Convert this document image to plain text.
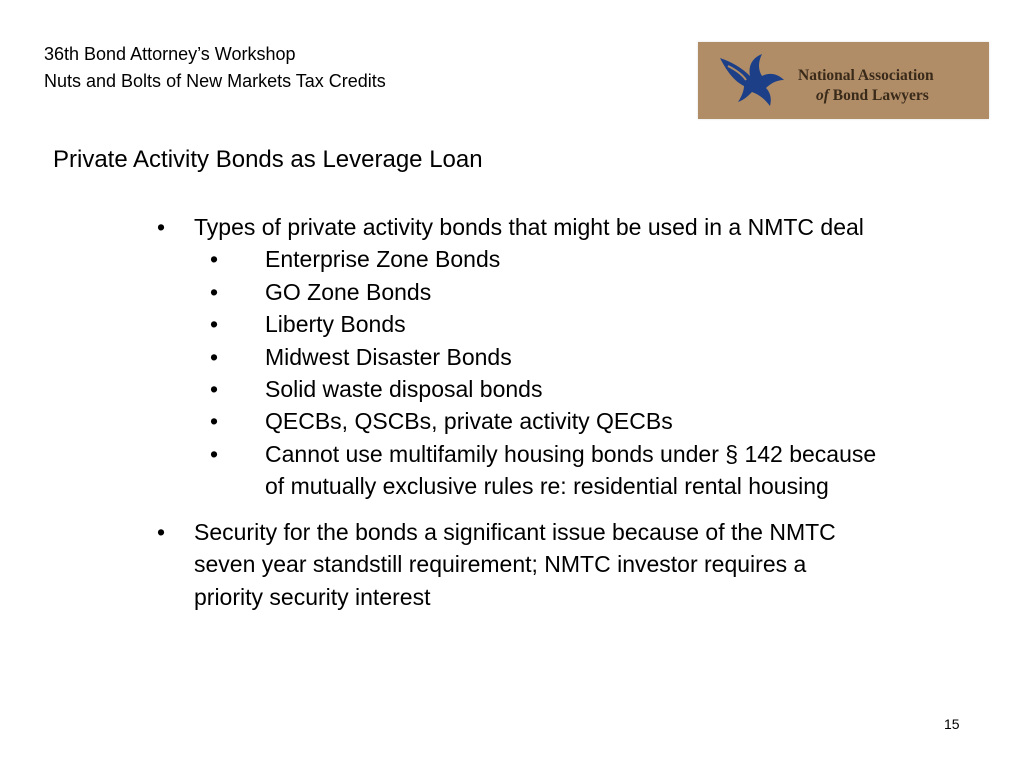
36th Bond Attorney’s Workshop
Nuts and Bolts of New Markets Tax Credits	National Association
of Bond Lawyers
Private Activity Bonds as Leverage Loan
• Types of private activity bonds that might be used in a NMTC deal
• Enterprise Zone Bonds
• GO Zone Bonds
• Liberty Bonds
• Midwest Disaster Bonds
• Solid waste disposal bonds
• QECBs, QSCBs, private activity QECBs
• Cannot use multifamily housing bonds under § 142 because
of mutually exclusive rules re: residential rental housing
• Security for the bonds a significant issue because of the NMTC
seven year standstill requirement; NMTC investor requires a
priority security interest
15
